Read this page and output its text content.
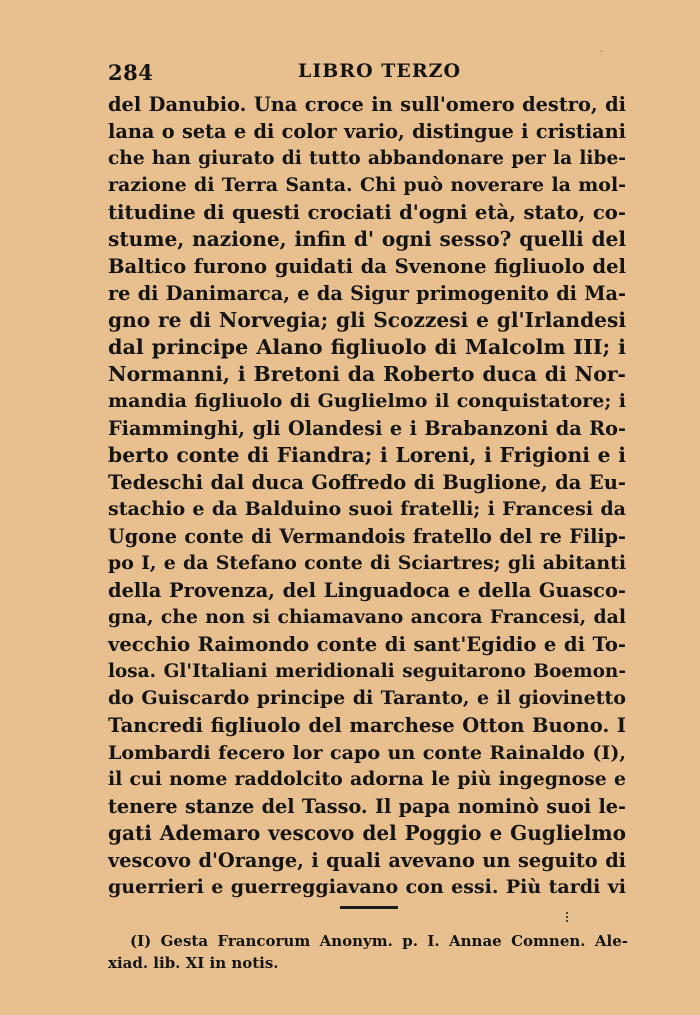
.
284	LIBRO TERZO
del Danubio. Una croce in sull'omero destro, di
lana o seta e di color vario, distingue i cristiani
che han giurato di tutto abbandonare per la libe-
razione di Terra Santa. Chi può noverare la mol-
titudine di questi crociati d'ogni età, stato, co-
stume, nazione, infin d' ogni sesso? quelli del
Baltico furono guidati da Svenone figliuolo del
re di Danimarca, e da Sigur primogenito di Ma-
gno re di Norvegia; gli Scozzesi e gl'Irlandesi
dal principe Alano figliuolo di Malcolm III; i
Normanni, i Bretoni da Roberto duca di Nor-
mandia figliuolo di Guglielmo il conquistatore; i
Fiamminghi, gli Olandesi e i Brabanzoni da Ro-
berto conte di Fiandra; i Loreni, i Frigioni e i
Tedeschi dal duca Goffredo di Buglione, da Eu-
stachio e da Balduino suoi fratelli; i Francesi da
Ugone conte di Vermandois fratello del re Filip-
po I, e da Stefano conte di Sciartres; gli abitanti
della Provenza, del Linguadoca e della Guasco-
gna, che non si chiamavano ancora Francesi, dal
vecchio Raimondo conte di sant'Egidio e di To-
losa. Gl'Italiani meridionali seguitarono Boemon-
do Guiscardo principe di Taranto, e il giovinetto
Tancredi figliuolo del marchese Otton Buono. I
Lombardi fecero lor capo un conte Rainaldo (I),
il cui nome raddolcito adorna le più ingegnose e
tenere stanze del Tasso. Il papa nominò suoi le-
gati Ademaro vescovo del Poggio e Guglielmo
vescovo d'Orange, i quali avevano un seguito di
guerrieri e guerreggiavano con essi. Più tardi vi
(I) Gesta Francorum Anonym. p. I. Annae Comnen. Ale-
xiad. lib. XI in notis.
